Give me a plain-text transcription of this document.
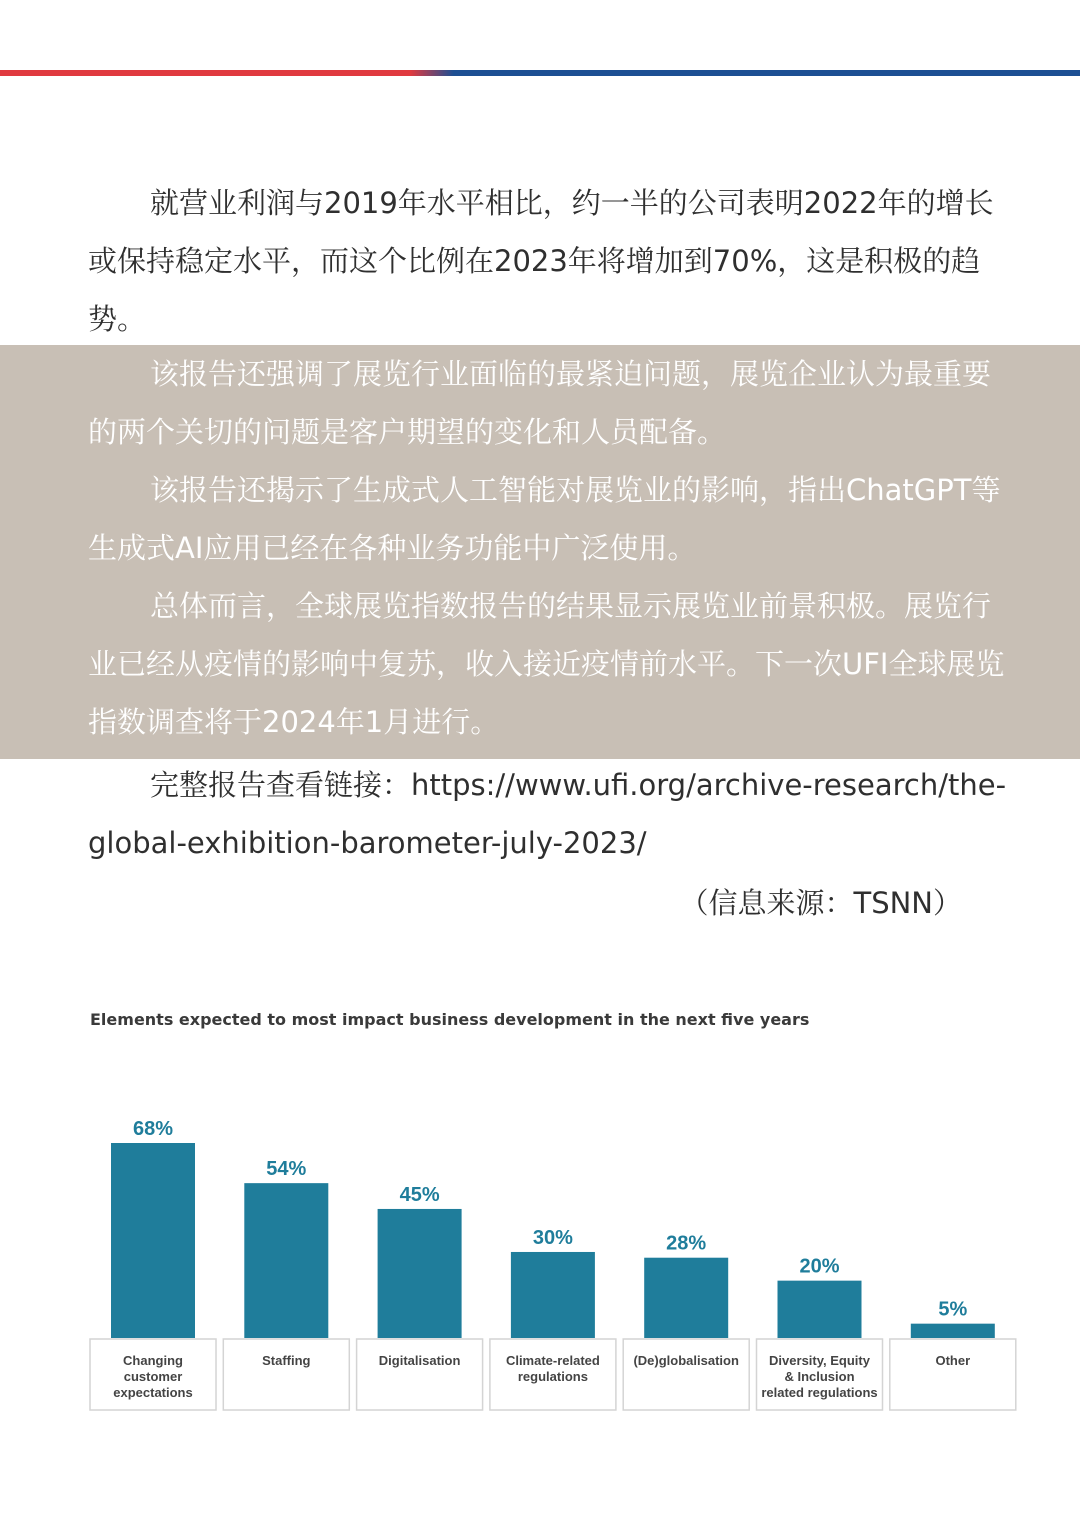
就营业利润与2019年水平相比，约一半的公司表明2022年的增长或保持稳定水平，而这个比例在2023年将增加到70%，这是积极的趋势。

该报告还强调了展览行业面临的最紧迫问题，展览企业认为最重要的两个关切的问题是客户期望的变化和人员配备。

该报告还揭示了生成式人工智能对展览业的影响，指出ChatGPT等生成式AI应用已经在各种业务功能中广泛使用。

总体而言，全球展览指数报告的结果显示展览业前景积极。展览行业已经从疫情的影响中复苏，收入接近疫情前水平。下一次UFI全球展览指数调查将于2024年1月进行。

完整报告查看链接：https://www.ufi.org/archive-research/the-global-exhibition-barometer-july-2023/

（信息来源：TSNN）
Elements expected to most impact business development in the next five years
68%
Changing customer expectations
54%
Staffing
45%
Digitalisation
30%
Climate-related regulations
28%
(De)globalisation
20%
Diversity, Equity & Inclusion related regulations
5%
Other
